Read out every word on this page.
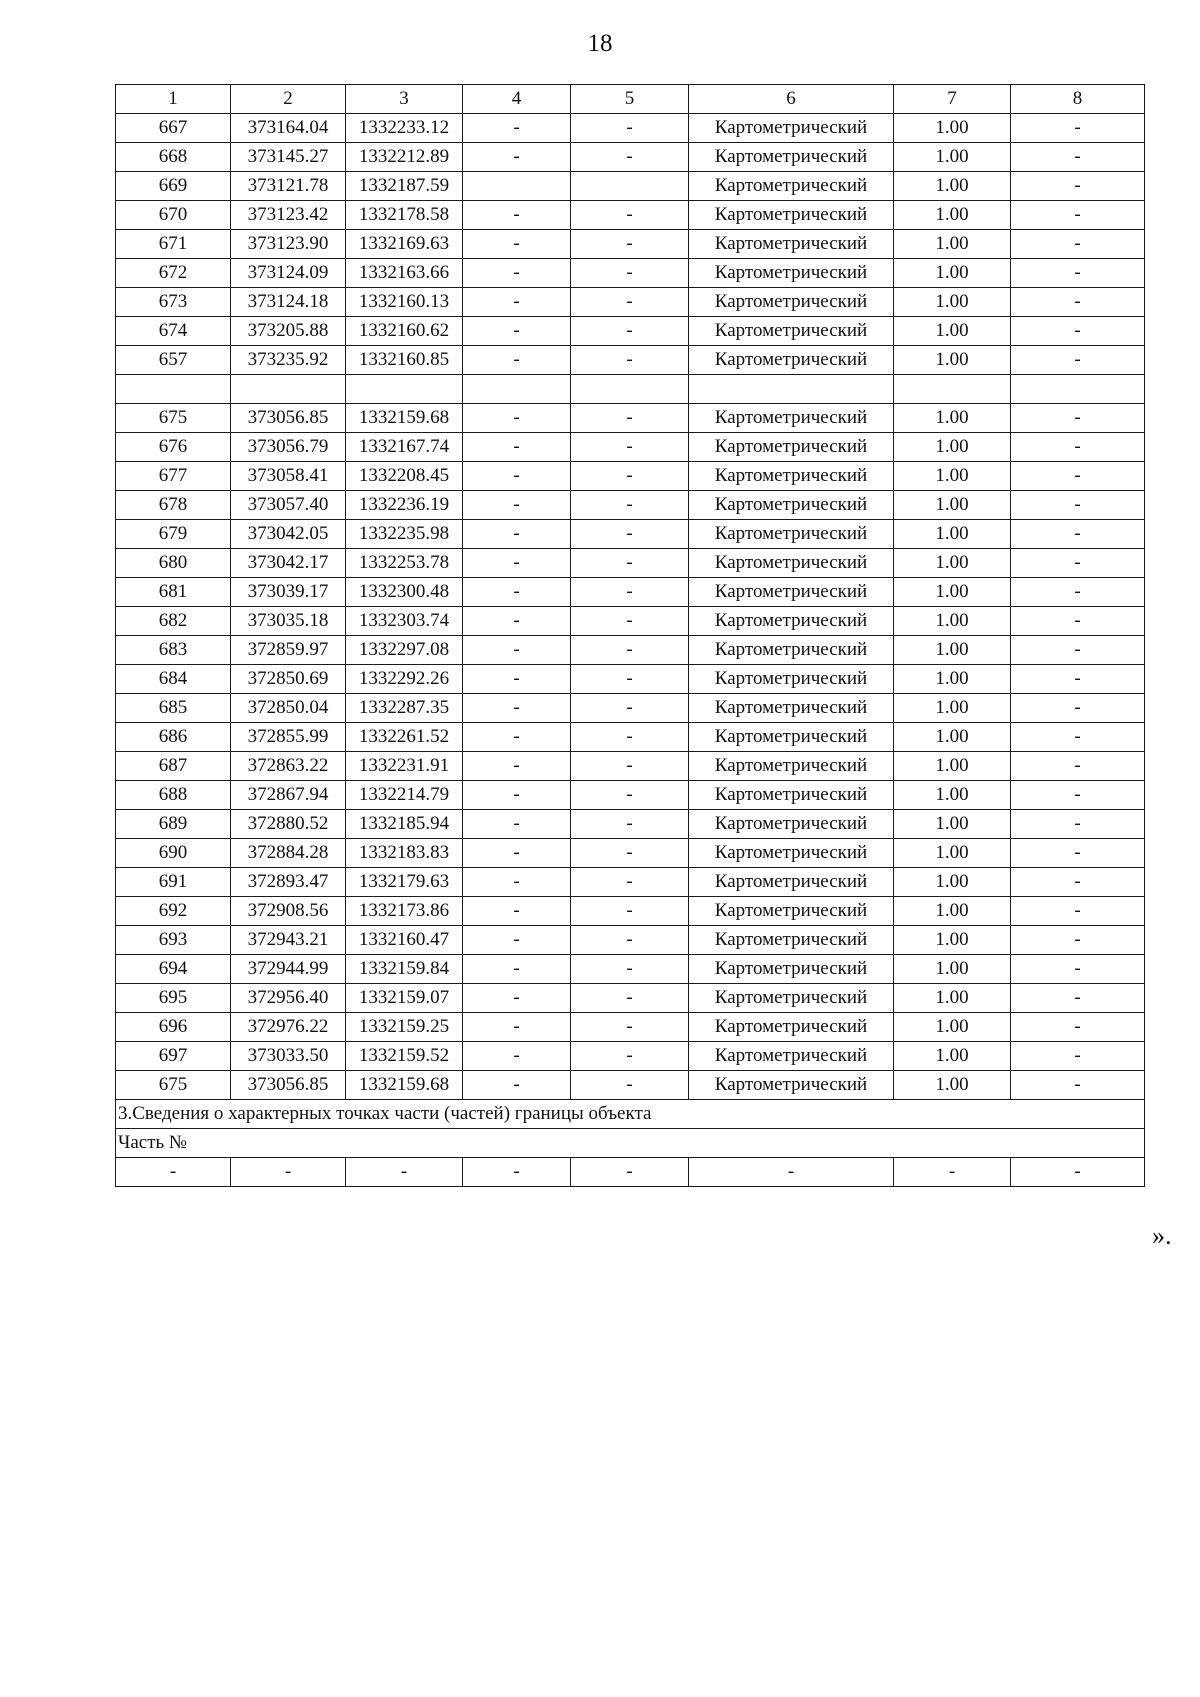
18
1	2	3	4	5	6	7	8
667	373164.04	1332233.12	-	-	Картометрический	1.00	-
668	373145.27	1332212.89	-	-	Картометрический	1.00	-
669	373121.78	1332187.59			Картометрический	1.00	-
670	373123.42	1332178.58	-	-	Картометрический	1.00	-
671	373123.90	1332169.63	-	-	Картометрический	1.00	-
672	373124.09	1332163.66	-	-	Картометрический	1.00	-
673	373124.18	1332160.13	-	-	Картометрический	1.00	-
674	373205.88	1332160.62	-	-	Картометрический	1.00	-
657	373235.92	1332160.85	-	-	Картометрический	1.00	-

675	373056.85	1332159.68	-	-	Картометрический	1.00	-
676	373056.79	1332167.74	-	-	Картометрический	1.00	-
677	373058.41	1332208.45	-	-	Картометрический	1.00	-
678	373057.40	1332236.19	-	-	Картометрический	1.00	-
679	373042.05	1332235.98	-	-	Картометрический	1.00	-
680	373042.17	1332253.78	-	-	Картометрический	1.00	-
681	373039.17	1332300.48	-	-	Картометрический	1.00	-
682	373035.18	1332303.74	-	-	Картометрический	1.00	-
683	372859.97	1332297.08	-	-	Картометрический	1.00	-
684	372850.69	1332292.26	-	-	Картометрический	1.00	-
685	372850.04	1332287.35	-	-	Картометрический	1.00	-
686	372855.99	1332261.52	-	-	Картометрический	1.00	-
687	372863.22	1332231.91	-	-	Картометрический	1.00	-
688	372867.94	1332214.79	-	-	Картометрический	1.00	-
689	372880.52	1332185.94	-	-	Картометрический	1.00	-
690	372884.28	1332183.83	-	-	Картометрический	1.00	-
691	372893.47	1332179.63	-	-	Картометрический	1.00	-
692	372908.56	1332173.86	-	-	Картометрический	1.00	-
693	372943.21	1332160.47	-	-	Картометрический	1.00	-
694	372944.99	1332159.84	-	-	Картометрический	1.00	-
695	372956.40	1332159.07	-	-	Картометрический	1.00	-
696	372976.22	1332159.25	-	-	Картометрический	1.00	-
697	373033.50	1332159.52	-	-	Картометрический	1.00	-
675	373056.85	1332159.68	-	-	Картометрический	1.00	-
3.Сведения о характерных точках части (частей) границы объекта							
Часть №							
-	-	-	-	-	-	-	-
».
